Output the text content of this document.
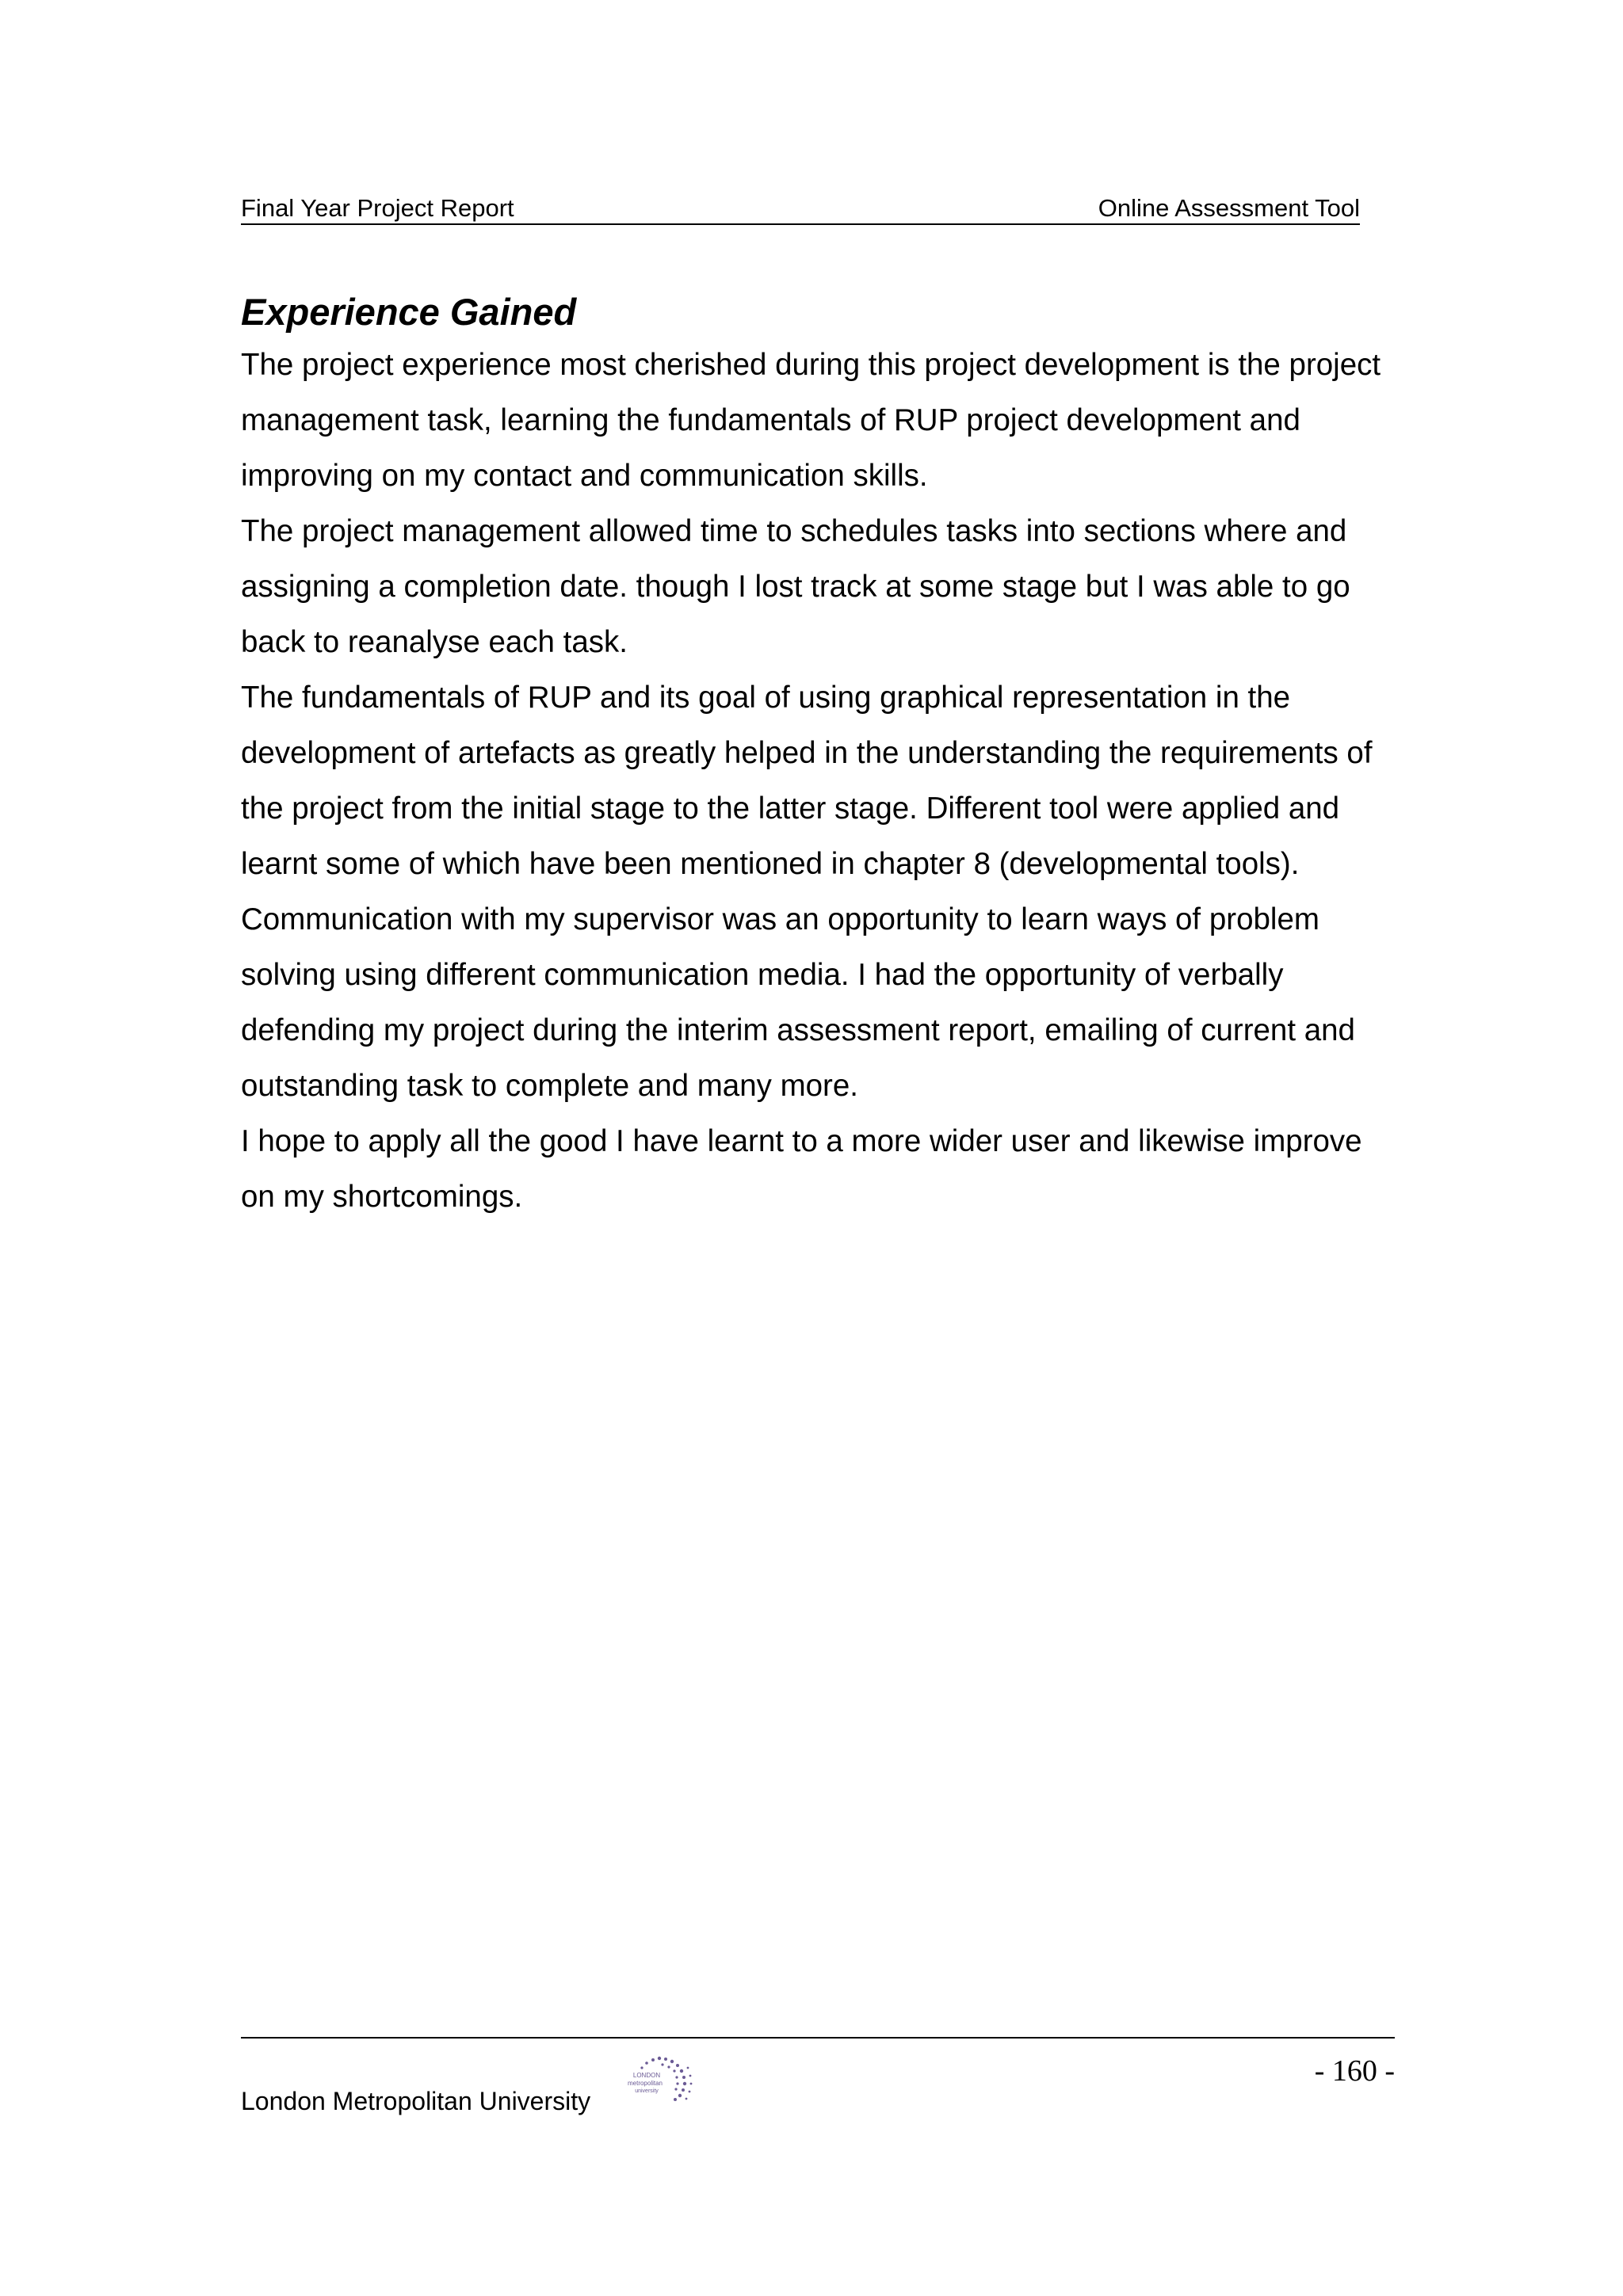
Final Year Project Report	Online Assessment Tool
Experience Gained

The project experience most cherished during this project development is the project management task, learning the fundamentals of RUP project development and improving on my contact and communication skills.

The project management allowed time to schedules tasks into sections where and assigning a completion date. though I lost track at some stage but I was able to go back to reanalyse each task.

The fundamentals of RUP and its goal of using graphical representation in the development of artefacts as greatly helped in the understanding the requirements of the project from the initial stage to the latter stage. Different tool were applied and learnt some of which have been mentioned in chapter 8 (developmental tools).

Communication with my supervisor was an opportunity to learn ways of problem solving using different communication media. I had the opportunity of verbally defending my project during the interim assessment report, emailing of current and outstanding task to complete and many more.

I hope to apply all the good I have learnt to a more wider user and likewise improve on my shortcomings.

- 160 -
London Metropolitan University
LONDON
metropolitan
university
